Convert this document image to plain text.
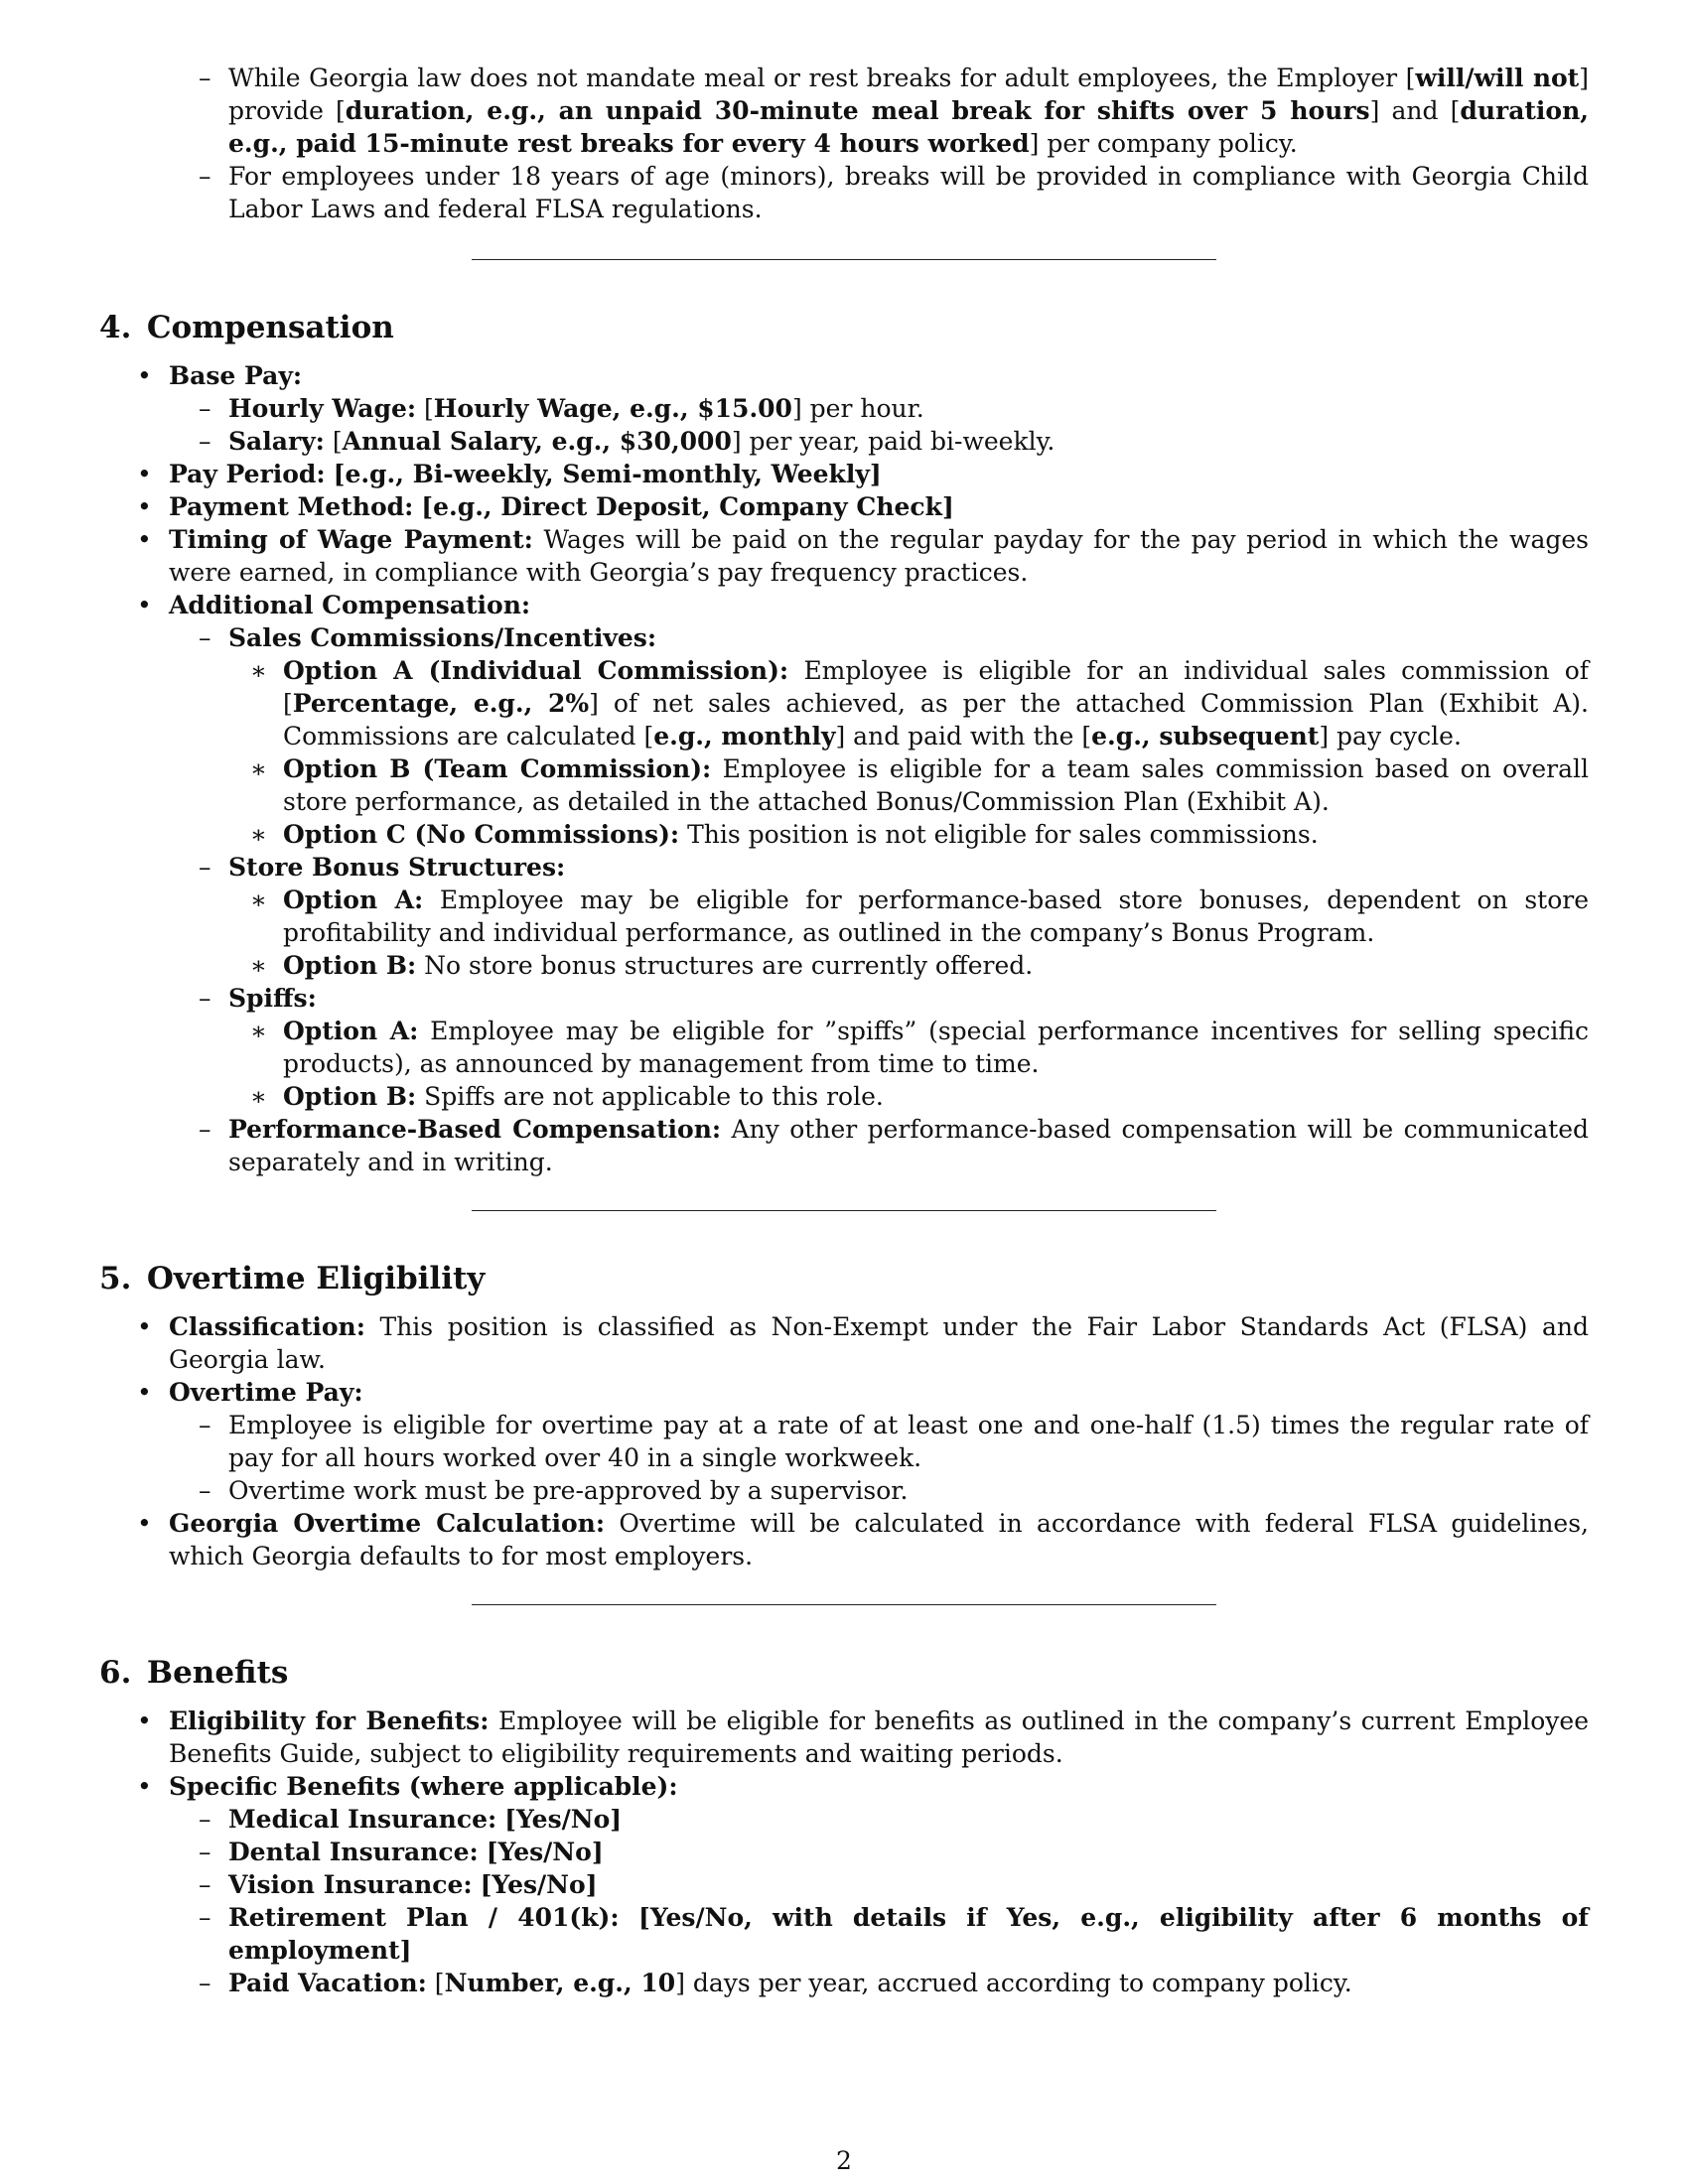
– While Georgia law does not mandate meal or rest breaks for adult employees, the Employer [will/will not] provide [duration, e.g., an unpaid 30-minute meal break for shifts over 5 hours] and [duration, e.g., paid 15-minute rest breaks for every 4 hours worked] per company policy.
– For employees under 18 years of age (minors), breaks will be provided in compliance with Georgia Child Labor Laws and federal FLSA regulations.
4. Compensation
• Base Pay:
– Hourly Wage: [Hourly Wage, e.g., $15.00] per hour.
– Salary: [Annual Salary, e.g., $30,000] per year, paid bi-weekly.
• Pay Period: [e.g., Bi-weekly, Semi-monthly, Weekly]
• Payment Method: [e.g., Direct Deposit, Company Check]
• Timing of Wage Payment: Wages will be paid on the regular payday for the pay period in which the wages were earned, in compliance with Georgia’s pay frequency practices.
• Additional Compensation:
– Sales Commissions/Incentives:
∗ Option A (Individual Commission): Employee is eligible for an individual sales commission of [Percentage, e.g., 2%] of net sales achieved, as per the attached Commission Plan (Exhibit A). Commissions are calculated [e.g., monthly] and paid with the [e.g., subsequent] pay cycle.
∗ Option B (Team Commission): Employee is eligible for a team sales commission based on overall store performance, as detailed in the attached Bonus/Commission Plan (Exhibit A).
∗ Option C (No Commissions): This position is not eligible for sales commissions.
– Store Bonus Structures:
∗ Option A: Employee may be eligible for performance-based store bonuses, dependent on store profitability and individual performance, as outlined in the company’s Bonus Program.
∗ Option B: No store bonus structures are currently offered.
– Spiffs:
∗ Option A: Employee may be eligible for ”spiffs” (special performance incentives for selling specific products), as announced by management from time to time.
∗ Option B: Spiffs are not applicable to this role.
– Performance-Based Compensation: Any other performance-based compensation will be communicated separately and in writing.
5. Overtime Eligibility
• Classification: This position is classified as Non-Exempt under the Fair Labor Standards Act (FLSA) and Georgia law.
• Overtime Pay:
– Employee is eligible for overtime pay at a rate of at least one and one-half (1.5) times the regular rate of pay for all hours worked over 40 in a single workweek.
– Overtime work must be pre-approved by a supervisor.
• Georgia Overtime Calculation: Overtime will be calculated in accordance with federal FLSA guidelines, which Georgia defaults to for most employers.
6. Benefits
• Eligibility for Benefits: Employee will be eligible for benefits as outlined in the company’s current Employee Benefits Guide, subject to eligibility requirements and waiting periods.
• Specific Benefits (where applicable):
– Medical Insurance: [Yes/No]
– Dental Insurance: [Yes/No]
– Vision Insurance: [Yes/No]
– Retirement Plan / 401(k): [Yes/No, with details if Yes, e.g., eligibility after 6 months of employment]
– Paid Vacation: [Number, e.g., 10] days per year, accrued according to company policy.
2
